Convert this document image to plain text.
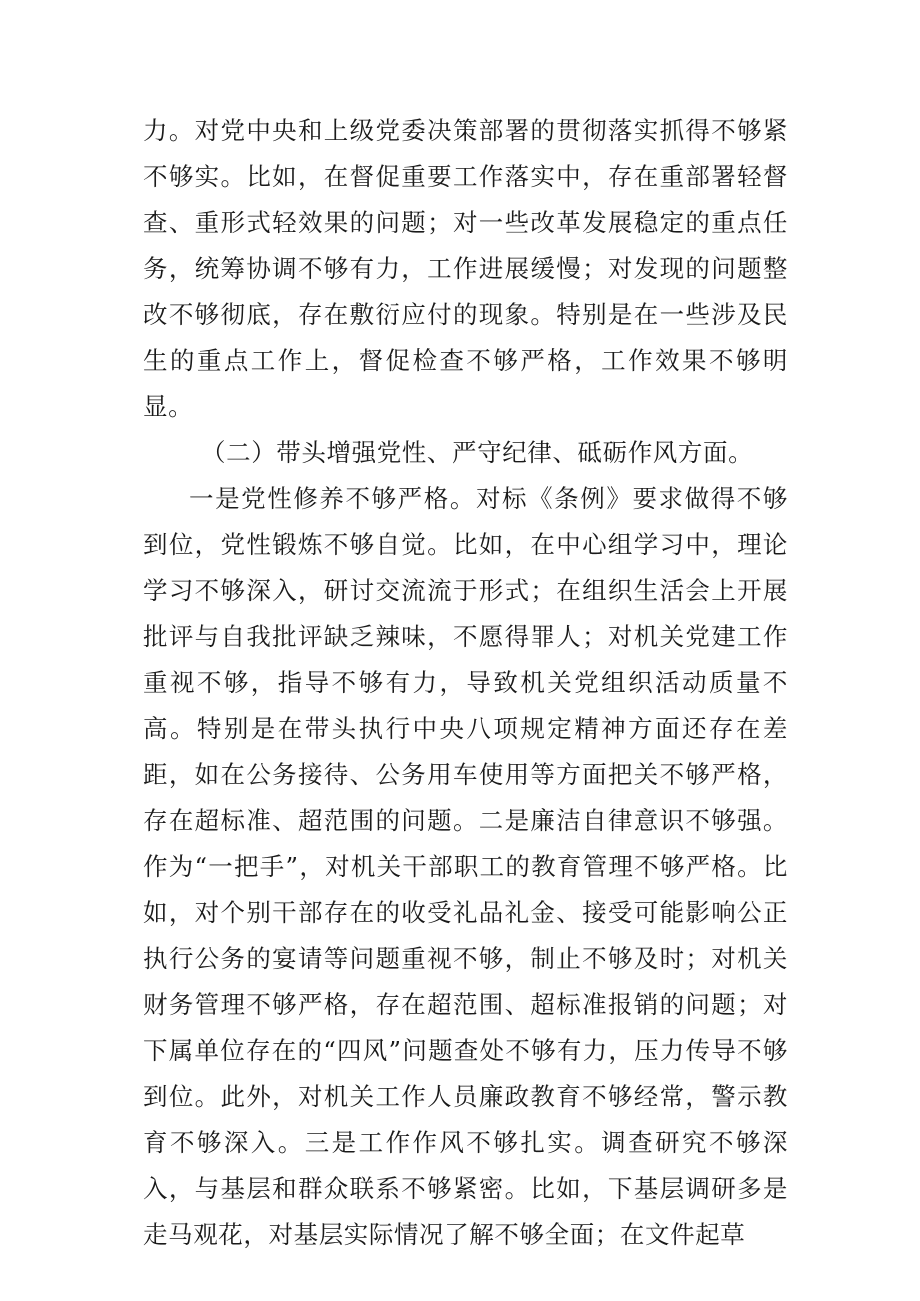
力。对党中央和上级党委决策部署的贯彻落实抓得不够紧不够实。比如，在督促重要工作落实中，存在重部署轻督查、重形式轻效果的问题；对一些改革发展稳定的重点任务，统筹协调不够有力，工作进展缓慢；对发现的问题整改不够彻底，存在敷衍应付的现象。特别是在一些涉及民生的重点工作上，督促检查不够严格，工作效果不够明显。

（二）带头增强党性、严守纪律、砥砺作风方面。

一是党性修养不够严格。对标《条例》要求做得不够到位，党性锻炼不够自觉。比如，在中心组学习中，理论学习不够深入，研讨交流流于形式；在组织生活会上开展批评与自我批评缺乏辣味，不愿得罪人；对机关党建工作重视不够，指导不够有力，导致机关党组织活动质量不高。特别是在带头执行中央八项规定精神方面还存在差距，如在公务接待、公务用车使用等方面把关不够严格，存在超标准、超范围的问题。二是廉洁自律意识不够强。作为“一把手”，对机关干部职工的教育管理不够严格。比如，对个别干部存在的收受礼品礼金、接受可能影响公正执行公务的宴请等问题重视不够，制止不够及时；对机关财务管理不够严格，存在超范围、超标准报销的问题；对下属单位存在的“四风”问题查处不够有力，压力传导不够到位。此外，对机关工作人员廉政教育不够经常，警示教育不够深入。三是工作作风不够扎实。调查研究不够深入，与基层和群众联系不够紧密。比如，下基层调研多是走马观花，对基层实际情况了解不够全面；在文件起草
